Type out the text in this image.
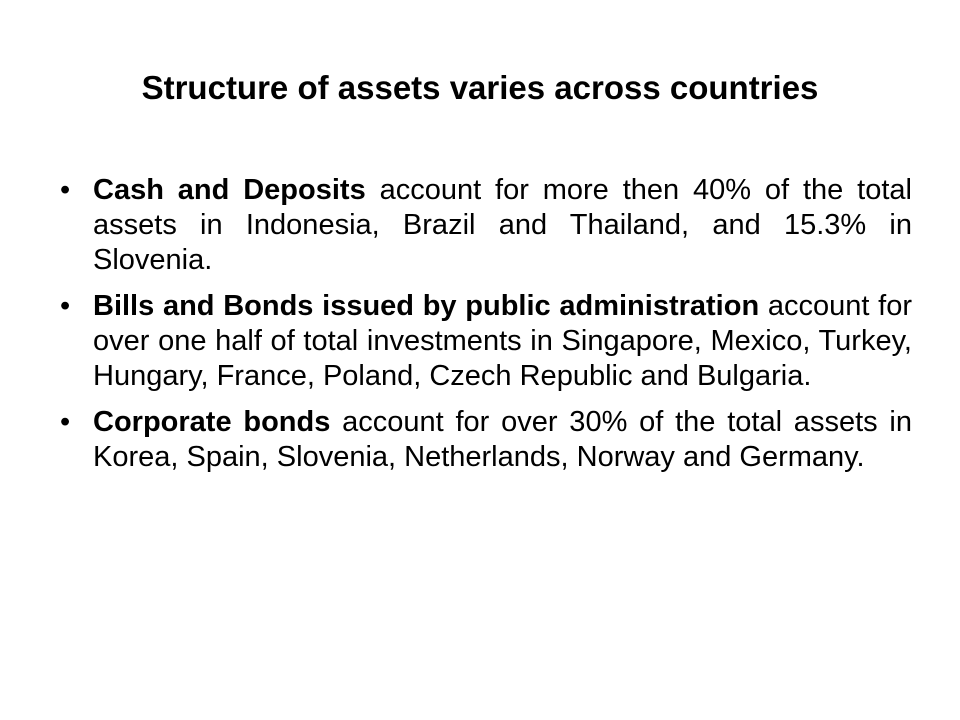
Structure of assets varies across countries
• Cash and Deposits account for more then 40% of the total assets in Indonesia, Brazil and Thailand, and 15.3% in Slovenia.
• Bills and Bonds issued by public administration account for over one half of total investments in Singapore, Mexico, Turkey, Hungary, France, Poland, Czech Republic and Bulgaria.
• Corporate bonds account for over 30% of the total assets in Korea, Spain, Slovenia, Netherlands, Norway and Germany.
